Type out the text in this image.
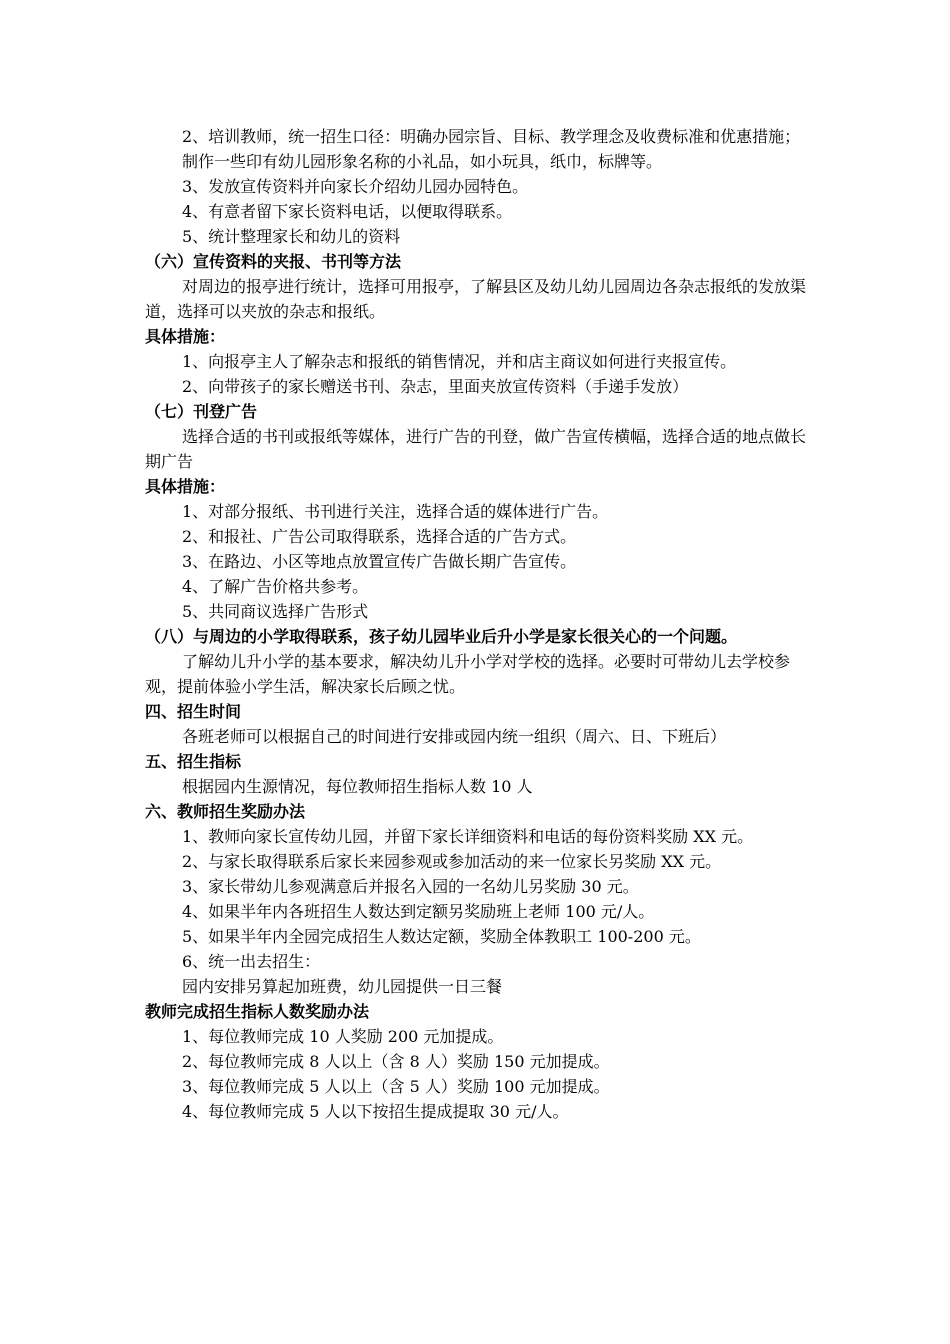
2、培训教师，统一招生口径：明确办园宗旨、目标、教学理念及收费标准和优惠措施；

制作一些印有幼儿园形象名称的小礼品，如小玩具，纸巾，标牌等。

3、发放宣传资料并向家长介绍幼儿园办园特色。

4、有意者留下家长资料电话，以便取得联系。

5、统计整理家长和幼儿的资料

（六）宣传资料的夹报、书刊等方法

对周边的报亭进行统计，选择可用报亭，了解县区及幼儿幼儿园周边各杂志报纸的发放渠道，选择可以夹放的杂志和报纸。

具体措施：

1、向报亭主人了解杂志和报纸的销售情况，并和店主商议如何进行夹报宣传。

2、向带孩子的家长赠送书刊、杂志，里面夹放宣传资料（手递手发放）

（七）刊登广告

选择合适的书刊或报纸等媒体，进行广告的刊登，做广告宣传横幅，选择合适的地点做长期广告

具体措施：

1、对部分报纸、书刊进行关注，选择合适的媒体进行广告。

2、和报社、广告公司取得联系，选择合适的广告方式。

3、在路边、小区等地点放置宣传广告做长期广告宣传。

4、了解广告价格共参考。

5、共同商议选择广告形式

（八）与周边的小学取得联系，孩子幼儿园毕业后升小学是家长很关心的一个问题。

了解幼儿升小学的基本要求，解决幼儿升小学对学校的选择。必要时可带幼儿去学校参观，提前体验小学生活，解决家长后顾之忧。

四、招生时间

各班老师可以根据自己的时间进行安排或园内统一组织（周六、日、下班后）

五、招生指标

根据园内生源情况，每位教师招生指标人数 10 人

六、教师招生奖励办法

1、教师向家长宣传幼儿园，并留下家长详细资料和电话的每份资料奖励 XX 元。

2、与家长取得联系后家长来园参观或参加活动的来一位家长另奖励 XX 元。

3、家长带幼儿参观满意后并报名入园的一名幼儿另奖励 30 元。

4、如果半年内各班招生人数达到定额另奖励班上老师 100 元/人。

5、如果半年内全园完成招生人数达定额，奖励全体教职工 100-200 元。

6、统一出去招生：

园内安排另算起加班费，幼儿园提供一日三餐

教师完成招生指标人数奖励办法

1、每位教师完成 10 人奖励 200 元加提成。

2、每位教师完成 8 人以上（含 8 人）奖励 150 元加提成。

3、每位教师完成 5 人以上（含 5 人）奖励 100 元加提成。

4、每位教师完成 5 人以下按招生提成提取 30 元/人。
